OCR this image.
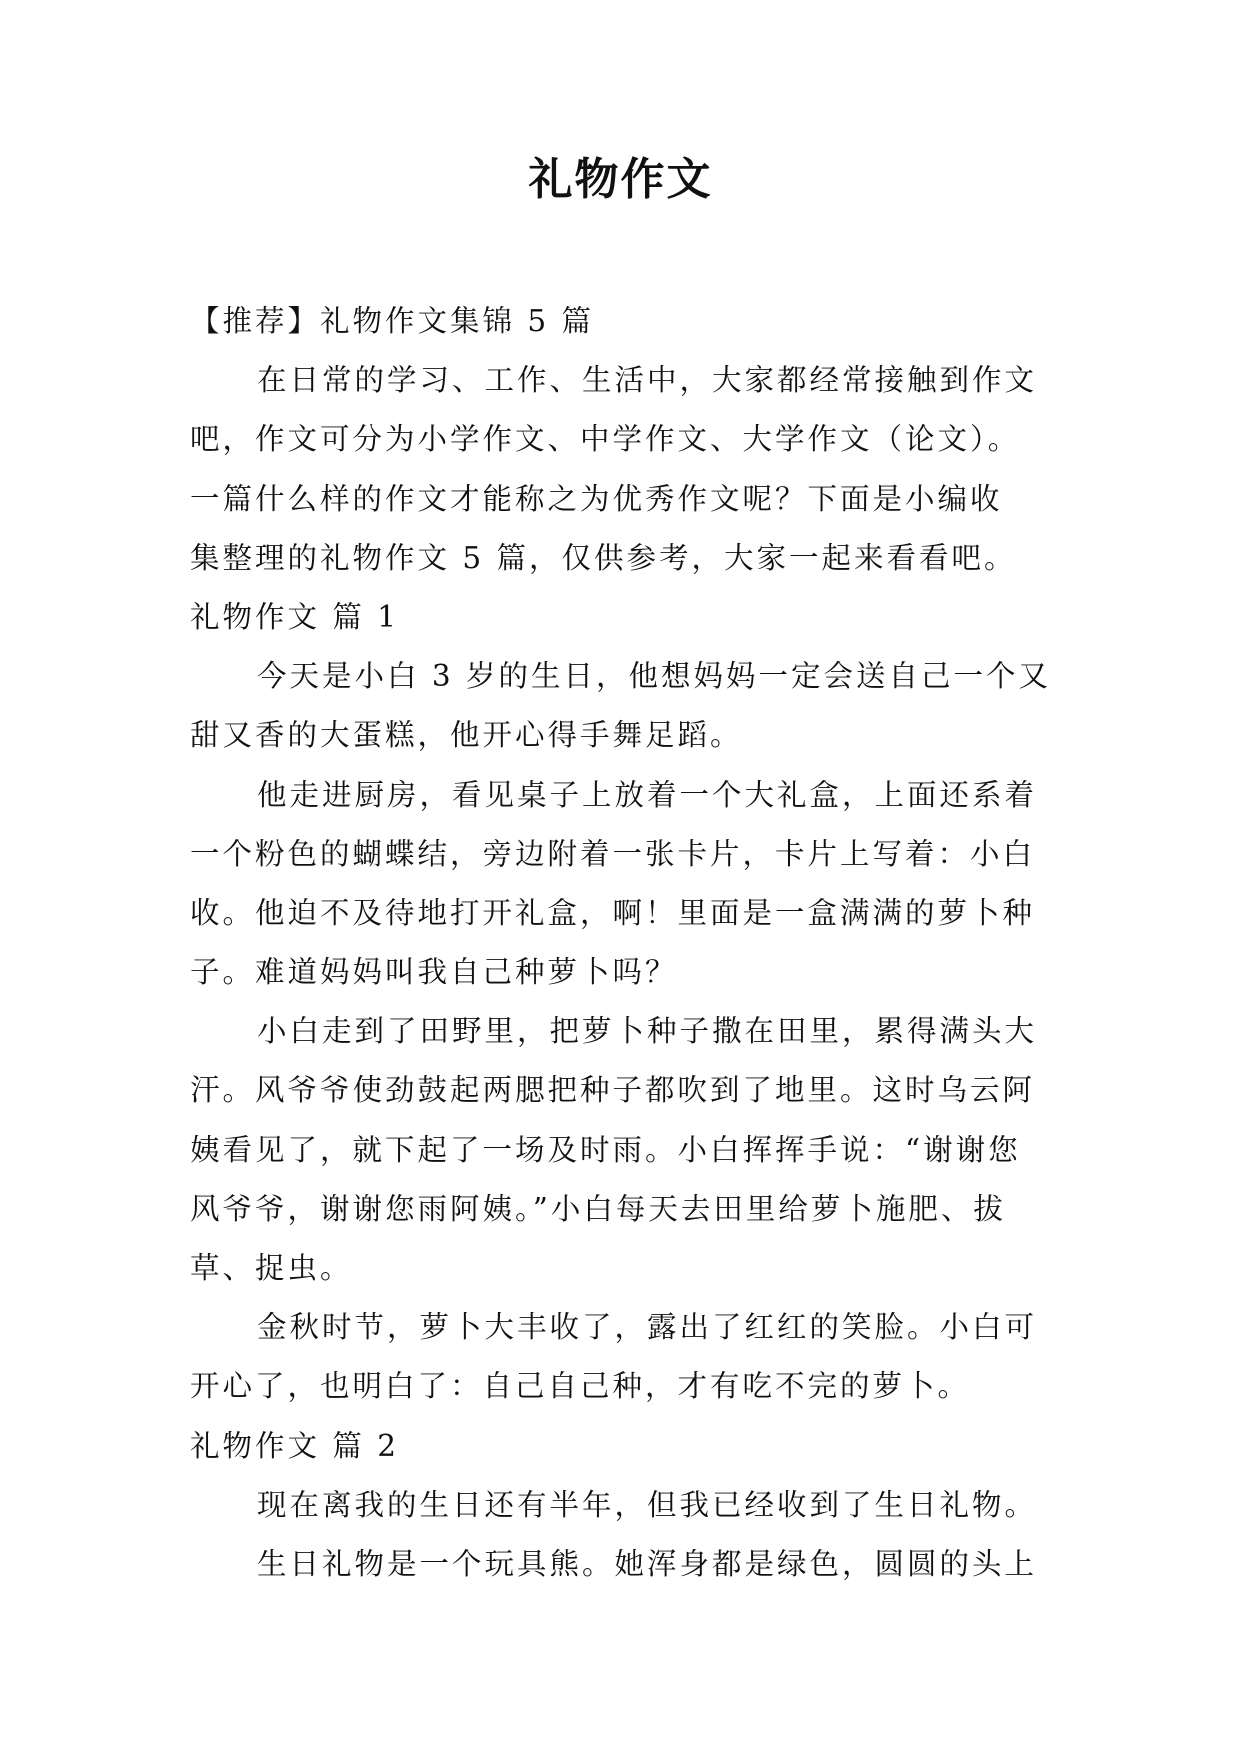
礼物作文
【推荐】礼物作文集锦 5 篇
在日常的学习、工作、生活中，大家都经常接触到作文
吧，作文可分为小学作文、中学作文、大学作文（论文）。
一篇什么样的作文才能称之为优秀作文呢？下面是小编收
集整理的礼物作文 5 篇，仅供参考，大家一起来看看吧。
礼物作文 篇 1
今天是小白 3 岁的生日，他想妈妈一定会送自己一个又
甜又香的大蛋糕，他开心得手舞足蹈。
他走进厨房，看见桌子上放着一个大礼盒，上面还系着
一个粉色的蝴蝶结，旁边附着一张卡片，卡片上写着：小白
收。他迫不及待地打开礼盒，啊！里面是一盒满满的萝卜种
子。难道妈妈叫我自己种萝卜吗？
小白走到了田野里，把萝卜种子撒在田里，累得满头大
汗。风爷爷使劲鼓起两腮把种子都吹到了地里。这时乌云阿
姨看见了，就下起了一场及时雨。小白挥挥手说：“谢谢您
风爷爷，谢谢您雨阿姨。”小白每天去田里给萝卜施肥、拔
草、捉虫。
金秋时节，萝卜大丰收了，露出了红红的笑脸。小白可
开心了，也明白了：自己自己种，才有吃不完的萝卜。
礼物作文 篇 2
现在离我的生日还有半年，但我已经收到了生日礼物。
生日礼物是一个玩具熊。她浑身都是绿色，圆圆的头上
